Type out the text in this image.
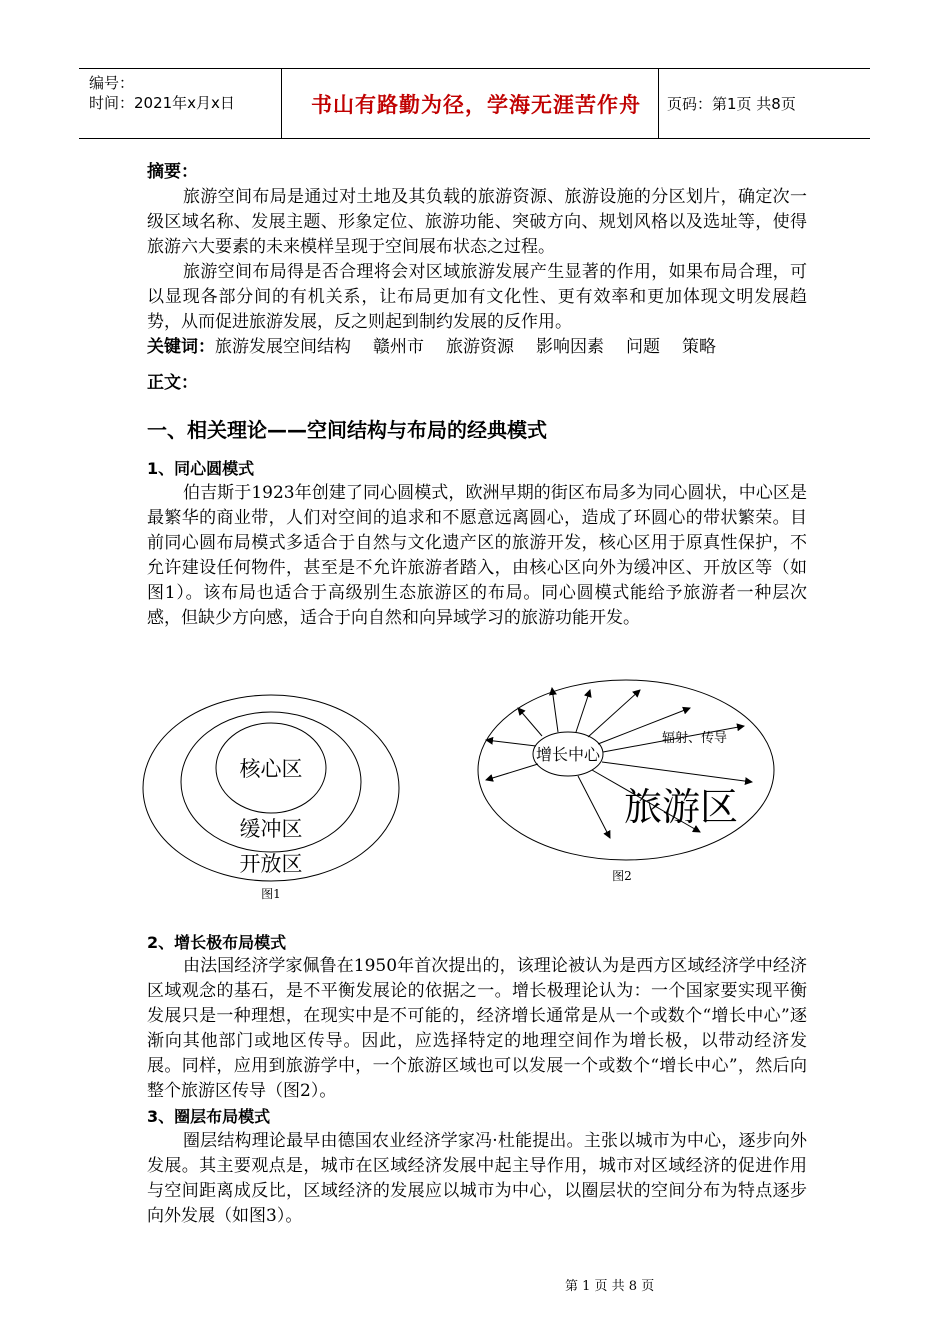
编号：
时间：2021年x月x日	书山有路勤为径，学海无涯苦作舟	页码：第1页 共8页
摘要：
旅游空间布局是通过对土地及其负载的旅游资源、旅游设施的分区划片，确定次一级区域名称、发展主题、形象定位、旅游功能、突破方向、规划风格以及选址等，使得旅游六大要素的未来模样呈现于空间展布状态之过程。
旅游空间布局得是否合理将会对区域旅游发展产生显著的作用，如果布局合理，可以显现各部分间的有机关系，让布局更加有文化性、更有效率和更加体现文明发展趋势，从而促进旅游发展，反之则起到制约发展的反作用。
关键词：旅游发展空间结构 赣州市 旅游资源 影响因素 问题 策略
正文：
一、相关理论——空间结构与布局的经典模式
1、同心圆模式
伯吉斯于1923年创建了同心圆模式，欧洲早期的街区布局多为同心圆状，中心区是最繁华的商业带，人们对空间的追求和不愿意远离圆心，造成了环圆心的带状繁荣。目前同心圆布局模式多适合于自然与文化遗产区的旅游开发，核心区用于原真性保护，不允许建设任何物件，甚至是不允许旅游者踏入，由核心区向外为缓冲区、开放区等（如图1）。该布局也适合于高级别生态旅游区的布局。同心圆模式能给予旅游者一种层次感，但缺少方向感，适合于向自然和向异域学习的旅游功能开发。
核心区
缓冲区
开放区
图1
增长中心
辐射、传导
旅游区
图2
2、增长极布局模式
由法国经济学家佩鲁在1950年首次提出的，该理论被认为是西方区域经济学中经济区域观念的基石，是不平衡发展论的依据之一。增长极理论认为：一个国家要实现平衡发展只是一种理想，在现实中是不可能的，经济增长通常是从一个或数个“增长中心”逐渐向其他部门或地区传导。因此，应选择特定的地理空间作为增长极，以带动经济发展。同样，应用到旅游学中，一个旅游区域也可以发展一个或数个“增长中心”，然后向整个旅游区传导（图2）。
3、圈层布局模式
圈层结构理论最早由德国农业经济学家冯·杜能提出。主张以城市为中心，逐步向外发展。其主要观点是，城市在区域经济发展中起主导作用，城市对区域经济的促进作用与空间距离成反比，区域经济的发展应以城市为中心，以圈层状的空间分布为特点逐步向外发展（如图3）。
第 1 页 共 8 页
